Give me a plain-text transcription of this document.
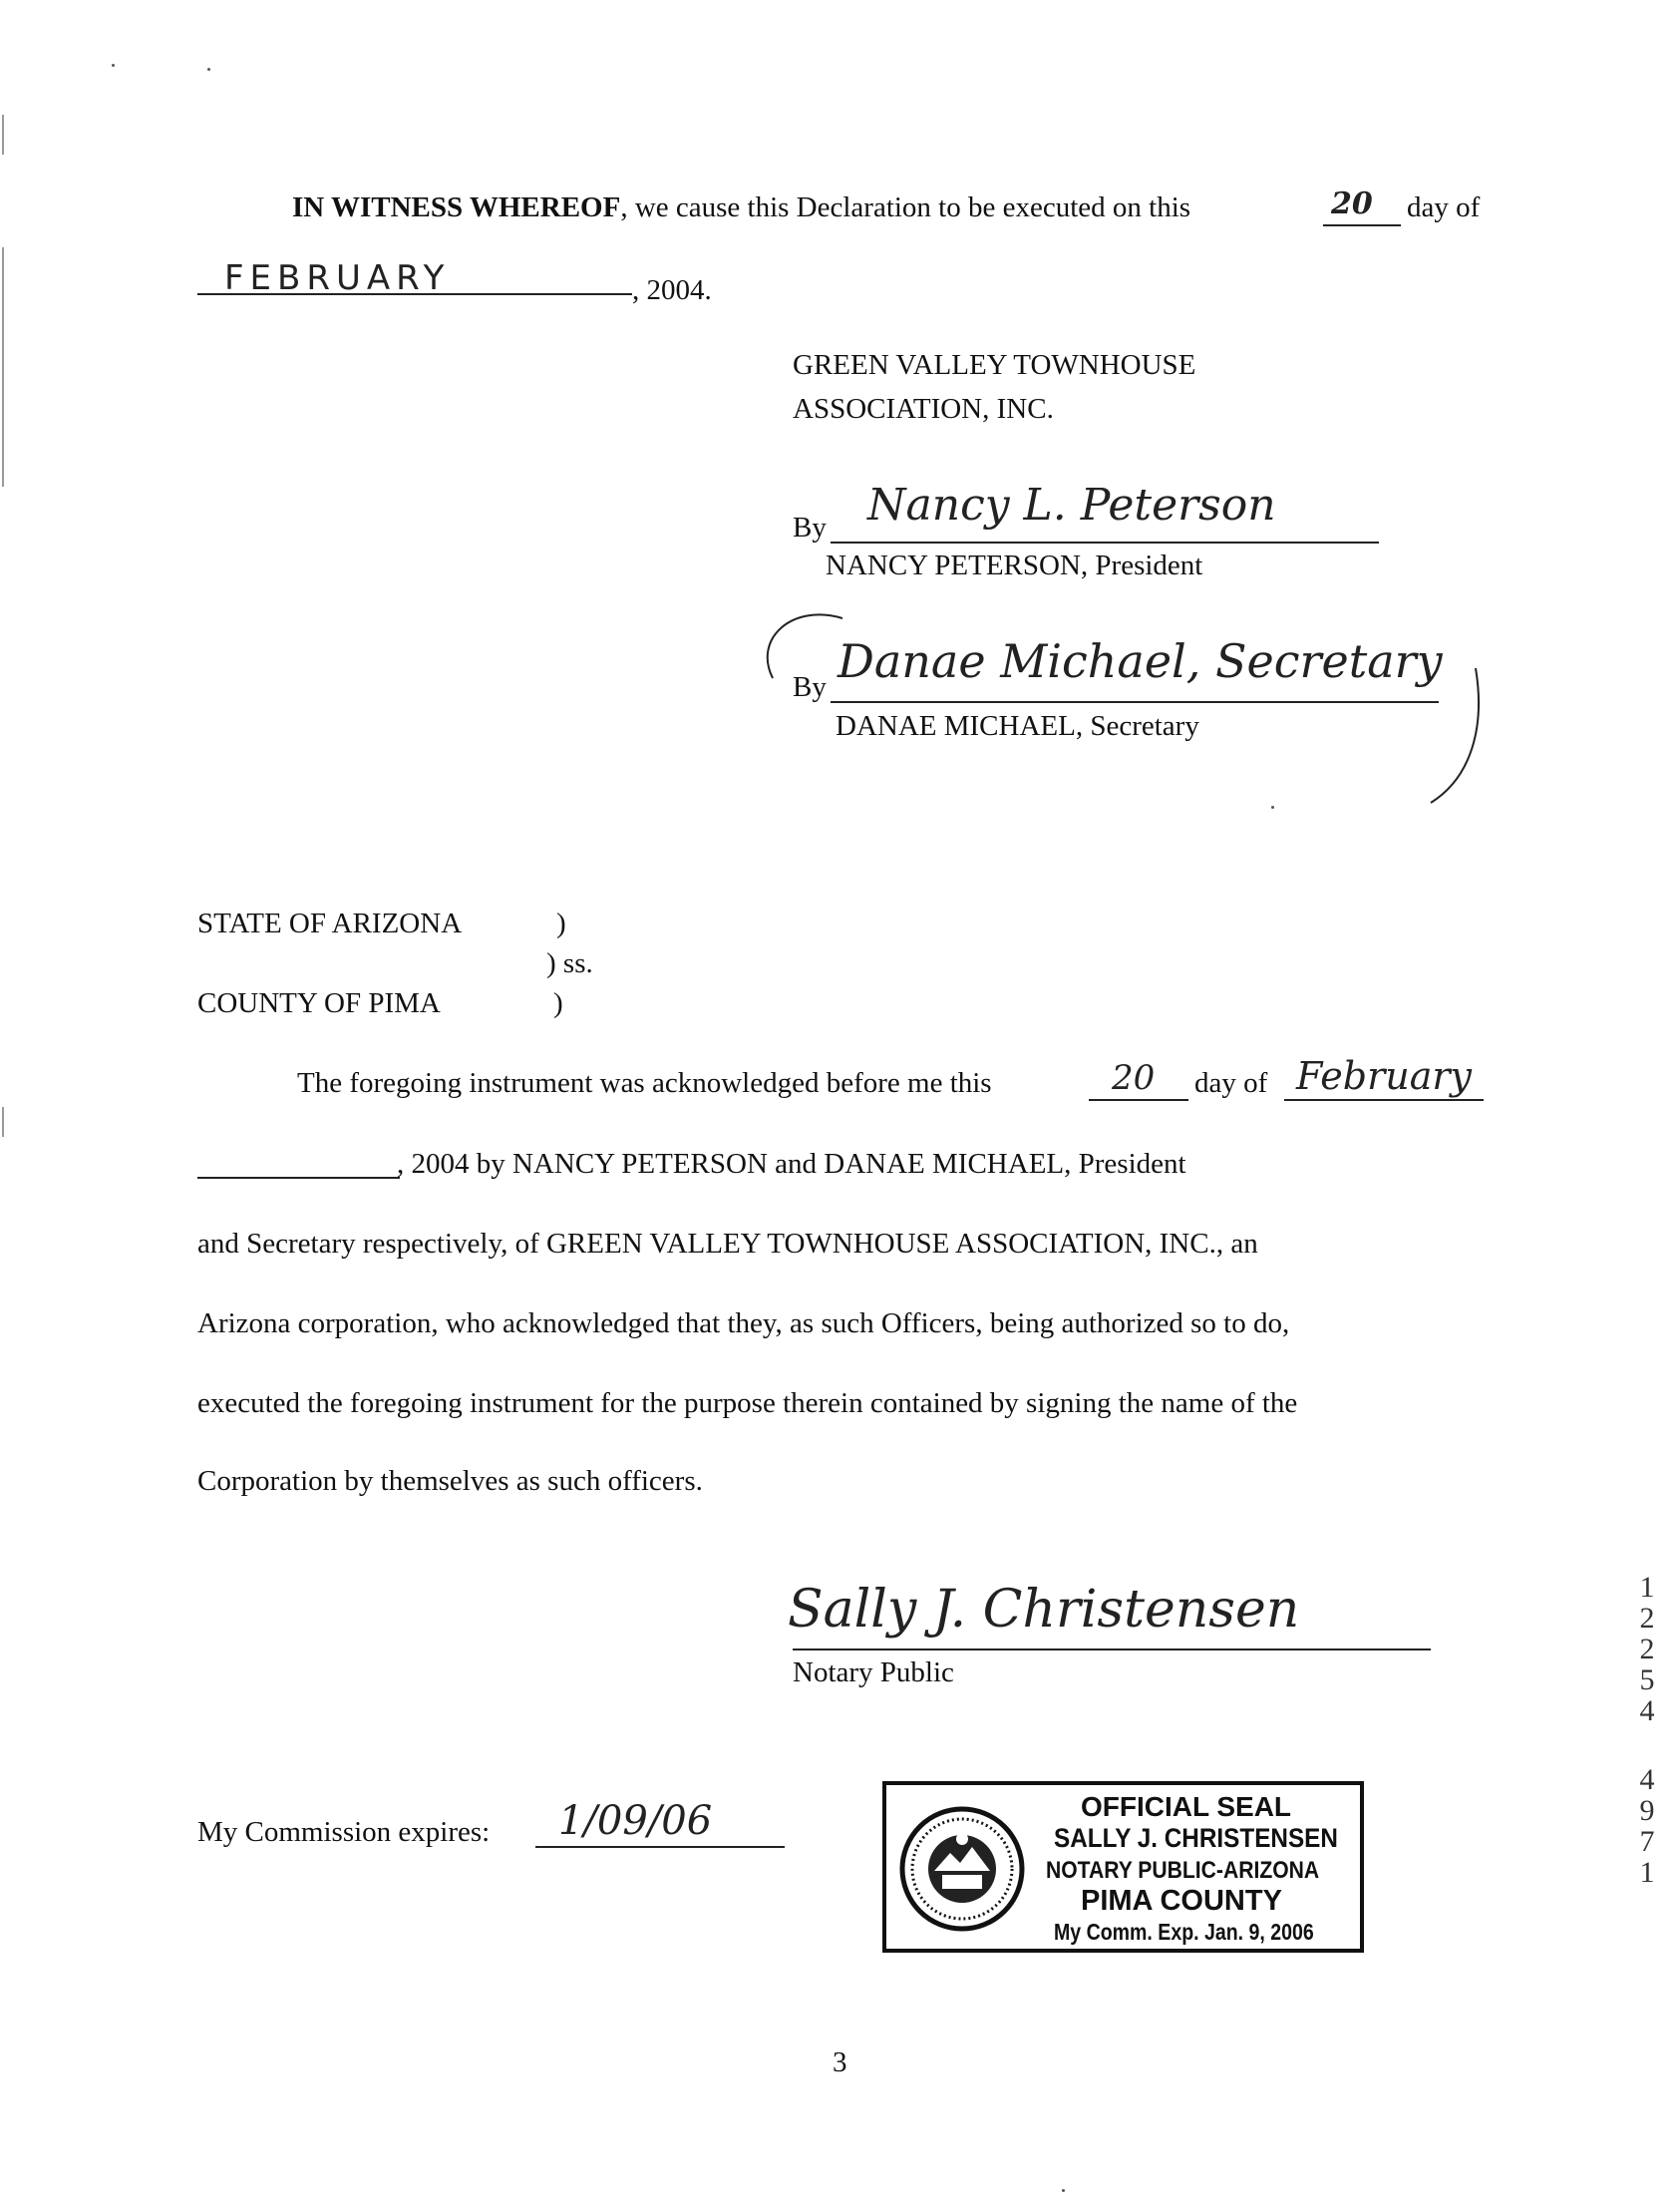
IN WITNESS WHEREOF, we cause this Declaration to be executed on this	20 day of
FEBRUARY	, 2004.
GREEN VALLEY TOWNHOUSE
ASSOCIATION, INC.
By Nancy L. Peterson
NANCY PETERSON, President
By Danae Michael, Secretary
DANAE MICHAEL, Secretary
STATE OF ARIZONA	)
) ss.
COUNTY OF PIMA	)
The foregoing instrument was acknowledged before me this	20 day of February
, 2004 by NANCY PETERSON and DANAE MICHAEL, President
and Secretary respectively, of GREEN VALLEY TOWNHOUSE ASSOCIATION, INC., an
Arizona corporation, who acknowledged that they, as such Officers, being authorized so to do,
executed the foregoing instrument for the purpose therein contained by signing the name of the
Corporation by themselves as such officers.
Sally J. Christensen
Notary Public
My Commission expires: 1/09/06	OFFICIAL SEAL
SALLY J. CHRISTENSEN
NOTARY PUBLIC-ARIZONA
PIMA COUNTY
My Comm. Exp. Jan. 9, 2006
3
1
2
2
5
4
4
9
7
1
